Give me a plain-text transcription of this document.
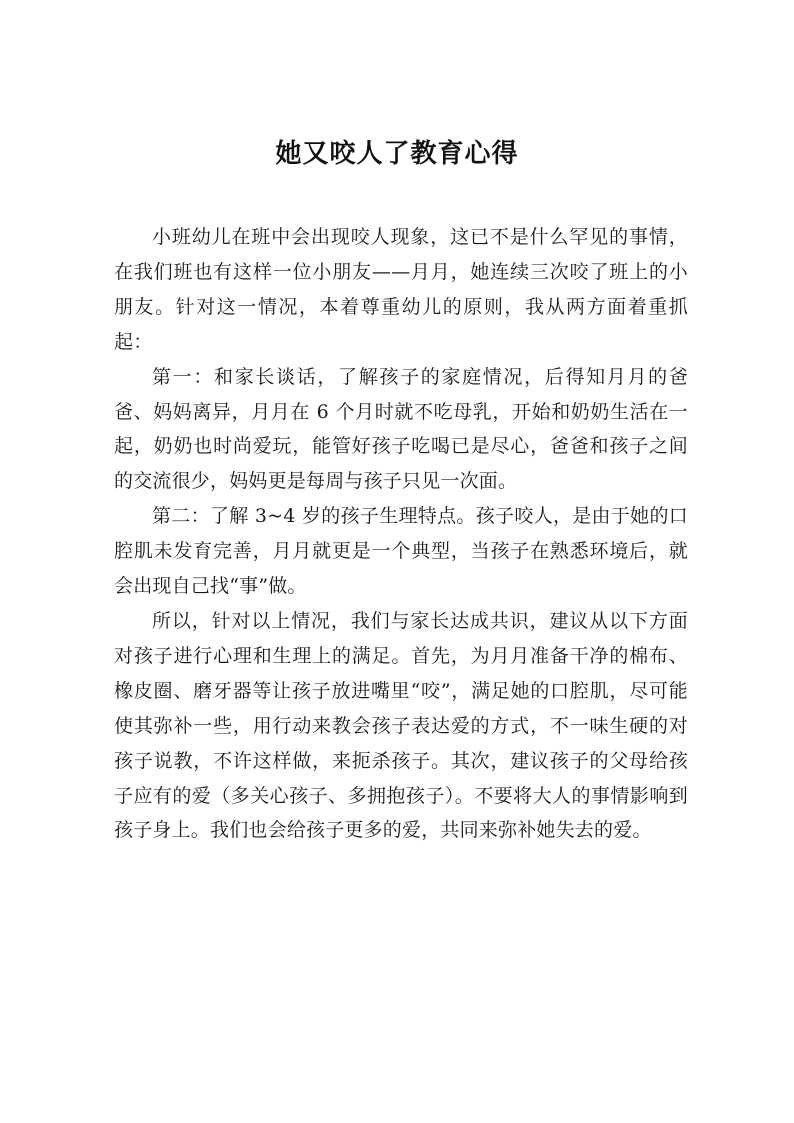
她又咬人了教育心得

小班幼儿在班中会出现咬人现象，这已不是什么罕见的事情，在我们班也有这样一位小朋友——月月，她连续三次咬了班上的小朋友。针对这一情况，本着尊重幼儿的原则，我从两方面着重抓起：

第一：和家长谈话，了解孩子的家庭情况，后得知月月的爸爸、妈妈离异，月月在 6 个月时就不吃母乳，开始和奶奶生活在一起，奶奶也时尚爱玩，能管好孩子吃喝已是尽心，爸爸和孩子之间的交流很少，妈妈更是每周与孩子只见一次面。

第二：了解 3~4 岁的孩子生理特点。孩子咬人，是由于她的口腔肌未发育完善，月月就更是一个典型，当孩子在熟悉环境后，就会出现自己找“事”做。

所以，针对以上情况，我们与家长达成共识，建议从以下方面对孩子进行心理和生理上的满足。首先，为月月准备干净的棉布、橡皮圈、磨牙器等让孩子放进嘴里“咬”，满足她的口腔肌，尽可能使其弥补一些，用行动来教会孩子表达爱的方式，不一味生硬的对孩子说教，不许这样做，来扼杀孩子。其次，建议孩子的父母给孩子应有的爱（多关心孩子、多拥抱孩子）。不要将大人的事情影响到孩子身上。我们也会给孩子更多的爱，共同来弥补她失去的爱。
